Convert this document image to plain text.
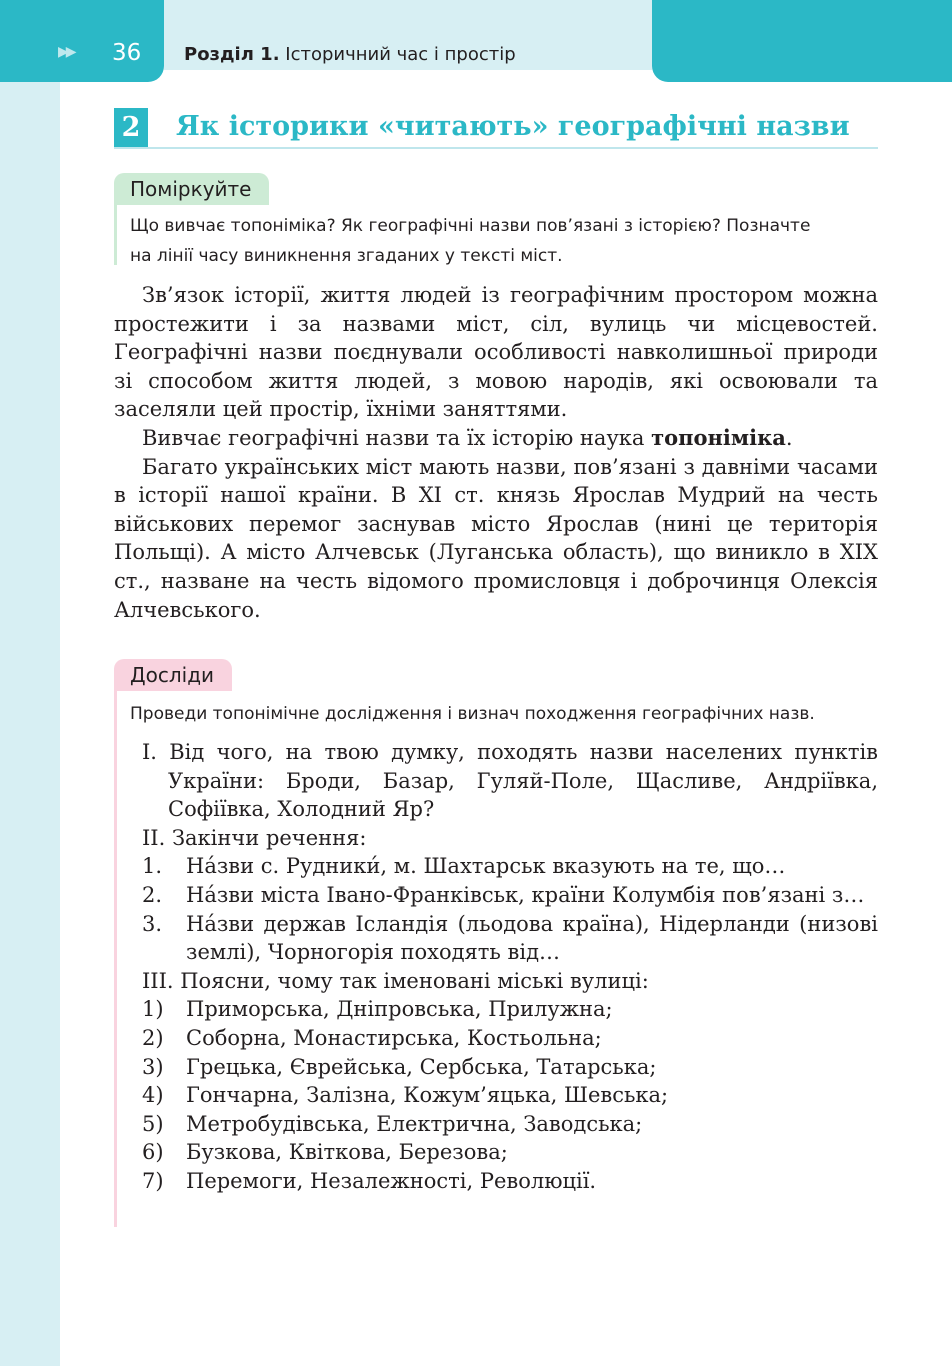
▶▶ 36 Розділ 1. Історичний час і простір
2 Як історики «читають» географічні назви
Поміркуйте
Що вивчає топоніміка? Як географічні назви пов’язані з історією? Позначте
на лінії часу виникнення згаданих у тексті міст.

Зв’язок історії, життя людей із географічним простором можна простежити і за назвами міст, сіл, вулиць чи місцевостей. Географічні назви поєднували особливості навколишньої природи зі способом життя людей, з мовою народів, які освоювали та заселяли цей простір, їхніми заняттями.

Вивчає географічні назви та їх історію наука топоніміка.

Багато українських міст мають назви, пов’язані з давніми часами в історії нашої країни. В XI ст. князь Ярослав Мудрий на честь військових перемог заснував місто Ярослав (нині це територія Польщі). А місто Алчевськ (Луганська область), що виникло в XIX ст., назване на честь відомого промисловця і доброчинця Олексія Алчевського.

Досліди
Проведи топонімічне дослідження і визнач походження географічних назв.
I. Від чого, на твою думку, походять назви населених пунктів України: Броди, Базар, Гуляй-Поле, Щасливе, Андріївка, Софіївка, Холодний Яр?
II. Закінчи речення:
1.	На́зви с. Рудники́, м. Шахтарськ вказують на те, що…
2.	На́зви міста Івано-Франківськ, країни Колумбія пов’язані з…
3.	На́зви держав Ісландія (льодова країна), Нідерланди (низові землі), Чорногорія походять від…
III. Поясни, чому так іменовані міські вулиці:
1)	Приморська, Дніпровська, Прилужна;
2)	Соборна, Монастирська, Костьольна;
3)	Грецька, Єврейська, Сербська, Татарська;
4)	Гончарна, Залізна, Кожум’яцька, Шевська;
5)	Метробудівська, Електрична, Заводська;
6)	Бузкова, Квіткова, Березова;
7)	Перемоги, Незалежності, Революції.
